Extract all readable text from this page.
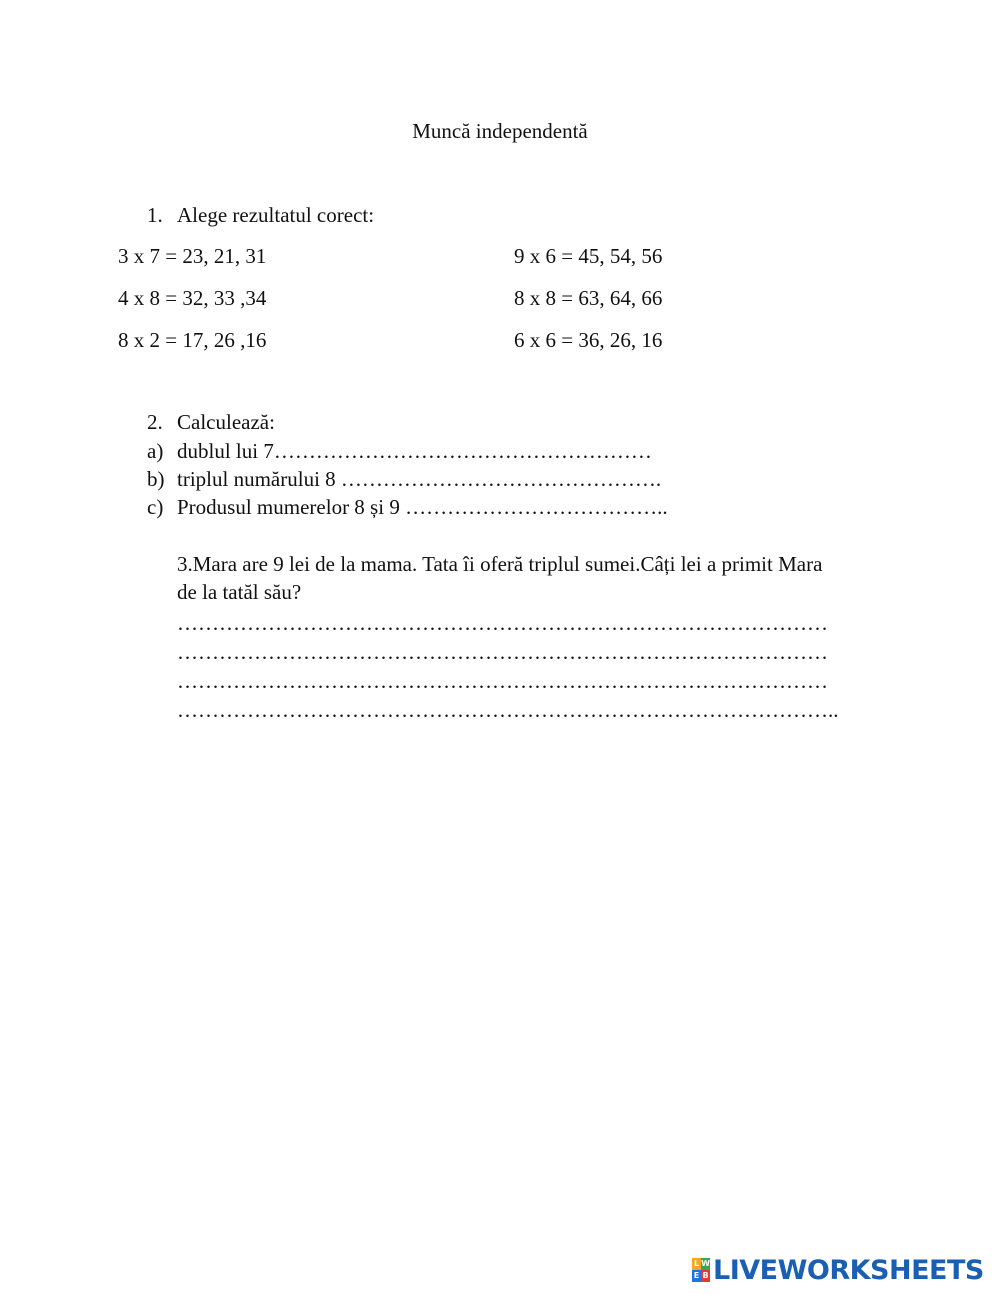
Muncă independentă
1. Alege rezultatul corect:
3 x 7 = 23, 21, 31
4 x 8 = 32, 33 ,34
8 x 2 = 17, 26 ,16
9 x 6 = 45, 54, 56
8 x 8 = 63, 64, 66
6 x 6 = 36, 26, 16
2. Calculează:
a) dublul lui 7………………………………………………
b) triplul numărului 8 ……………………………………….
c) Produsul mumerelor 8 și 9 ………………………………..
3.Mara are 9 lei de la mama. Tata îi oferă triplul sumei.Câți lei a primit Mara
de la tatăl său?
…………………………………………………………………………………
…………………………………………………………………………………
…………………………………………………………………………………
…………………………………………………………………………………..
L W
E B LIVEWORKSHEETS
